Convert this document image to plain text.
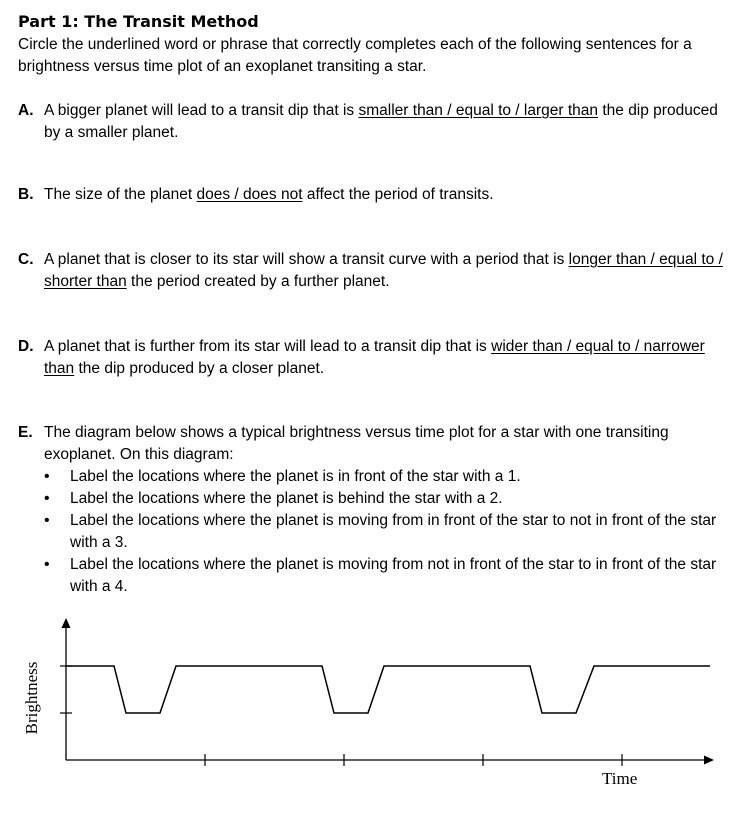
Part 1: The Transit Method
Circle the underlined word or phrase that correctly completes each of the following sentences for a brightness versus time plot of an exoplanet transiting a star.
A. A bigger planet will lead to a transit dip that is smaller than / equal to / larger than the dip produced by a smaller planet.
B. The size of the planet does / does not affect the period of transits.
C. A planet that is closer to its star will show a transit curve with a period that is longer than / equal to / shorter than the period created by a further planet.
D. A planet that is further from its star will lead to a transit dip that is wider than / equal to / narrower than the dip produced by a closer planet.
E. The diagram below shows a typical brightness versus time plot for a star with one transiting exoplanet. On this diagram:
• Label the locations where the planet is in front of the star with a 1.
• Label the locations where the planet is behind the star with a 2.
• Label the locations where the planet is moving from in front of the star to not in front of the star with a 3.
• Label the locations where the planet is moving from not in front of the star to in front of the star with a 4.
Brightness
Time
